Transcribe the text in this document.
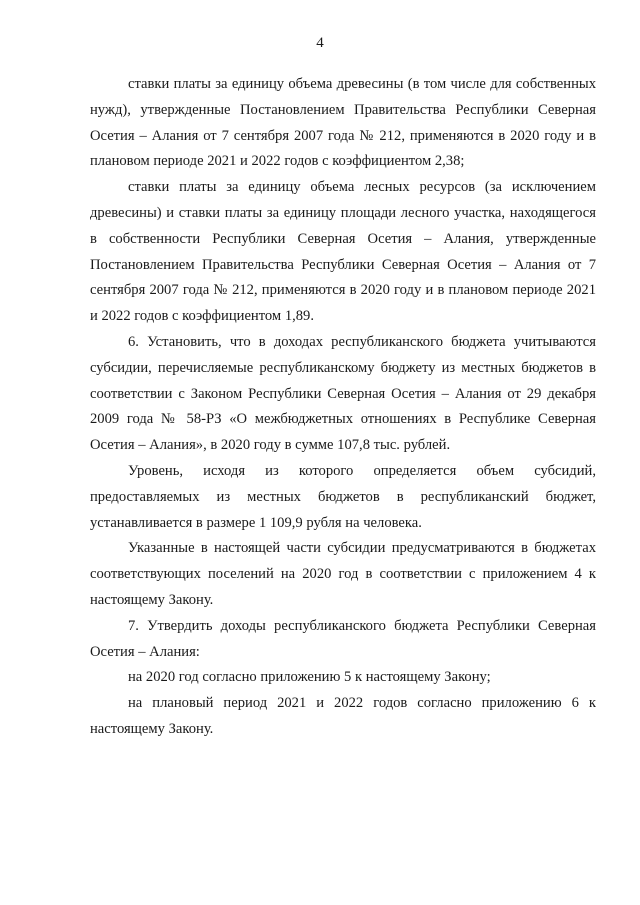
4

ставки платы за единицу объема древесины (в том числе для собственных нужд), утвержденные Постановлением Правительства Республики Северная Осетия – Алания от 7 сентября 2007 года № 212, применяются в 2020 году и в плановом периоде 2021 и 2022 годов с коэффициентом 2,38;

ставки платы за единицу объема лесных ресурсов (за исключением древесины) и ставки платы за единицу площади лесного участка, находящегося в собственности Республики Северная Осетия – Алания, утвержденные Постановлением Правительства Республики Северная Осетия – Алания от 7 сентября 2007 года № 212, применяются в 2020 году и в плановом периоде 2021 и 2022 годов с коэффициентом 1,89.

6. Установить, что в доходах республиканского бюджета учитываются субсидии, перечисляемые республиканскому бюджету из местных бюджетов в соответствии с Законом Республики Северная Осетия – Алания от 29 декабря 2009 года № 58-РЗ «О межбюджетных отношениях в Республике Северная Осетия – Алания», в 2020 году в сумме 107,8 тыс. рублей.

Уровень, исходя из которого определяется объем субсидий, предоставляемых из местных бюджетов в республиканский бюджет, устанавливается в размере 1 109,9 рубля на человека.

Указанные в настоящей части субсидии предусматриваются в бюджетах соответствующих поселений на 2020 год в соответствии с приложением 4 к настоящему Закону.

7. Утвердить доходы республиканского бюджета Республики Северная Осетия – Алания:

на 2020 год согласно приложению 5 к настоящему Закону;

на плановый период 2021 и 2022 годов согласно приложению 6 к настоящему Закону.
